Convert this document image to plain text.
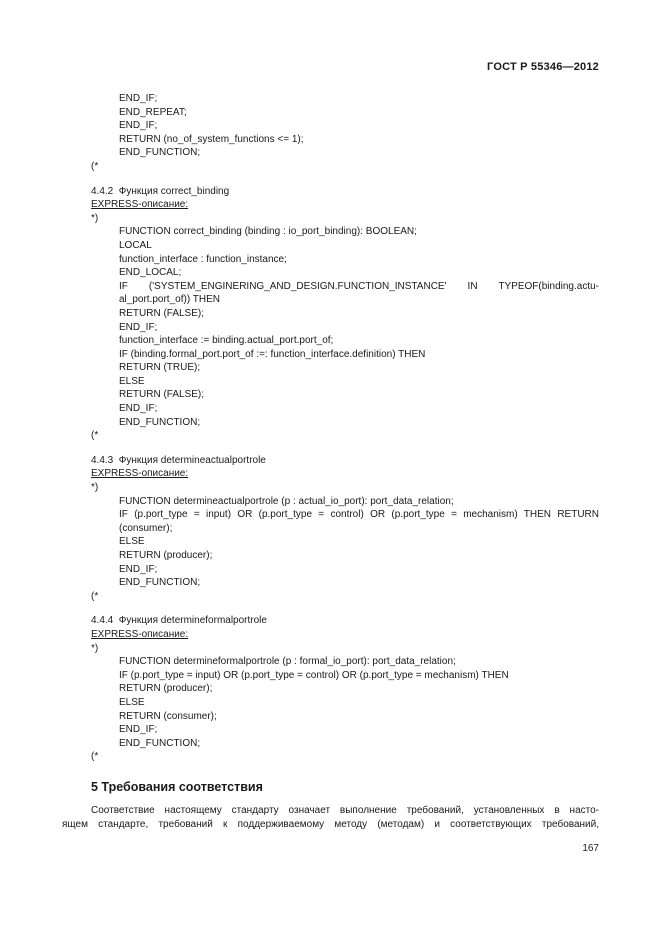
ГОСТ Р 55346—2012
END_IF;
END_REPEAT;
END_IF;
RETURN (no_of_system_functions <= 1);
END_FUNCTION;
(*
4.4.2  Функция correct_binding
EXPRESS-описание:
*)
FUNCTION correct_binding (binding : io_port_binding): BOOLEAN;
LOCAL
function_interface : function_instance;
END_LOCAL;
IF ('SYSTEM_ENGINERING_AND_DESIGN.FUNCTION_INSTANCE' IN TYPEOF(binding.actu-
al_port.port_of)) THEN
RETURN (FALSE);
END_IF;
function_interface := binding.actual_port.port_of;
IF (binding.formal_port.port_of :=: function_interface.definition) THEN
RETURN (TRUE);
ELSE
RETURN (FALSE);
END_IF;
END_FUNCTION;
(*
4.4.3  Функция determineactualportrole
EXPRESS-описание:
*)
FUNCTION determineactualportrole (p : actual_io_port): port_data_relation;
IF (p.port_type = input) OR (p.port_type = control) OR (p.port_type = mechanism) THEN RETURN
(consumer);
ELSE
RETURN (producer);
END_IF;
END_FUNCTION;
(*
4.4.4  Функция determineformalportrole
EXPRESS-описание:
*)
FUNCTION determineformalportrole (p : formal_io_port): port_data_relation;
IF (p.port_type = input) OR (p.port_type = control) OR (p.port_type = mechanism) THEN
RETURN (producer);
ELSE
RETURN (consumer);
END_IF;
END_FUNCTION;
(*
5 Требования соответствия
Соответствие настоящему стандарту означает выполнение требований, установленных в насто-
ящем стандарте, требований к поддерживаемому методу (методам) и соответствующих требований,
167
